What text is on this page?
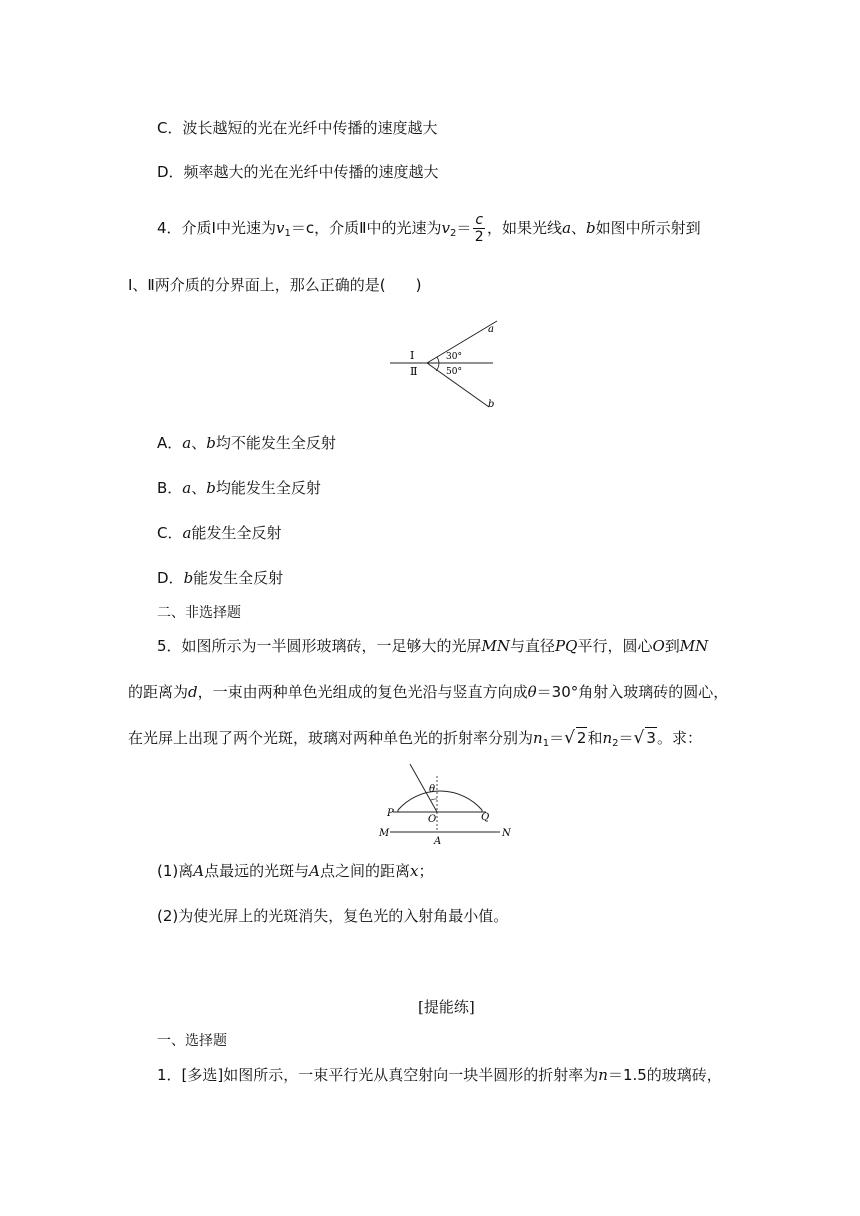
C．波长越短的光在光纤中传播的速度越大
D．频率越大的光在光纤中传播的速度越大
4．介质Ⅰ中光速为$v_1=c$，介质Ⅱ中的光速为$v_2= \frac{c}{2}$ ，如果光线a、b如图中所示射到
Ⅰ、Ⅱ两介质的分界面上，那么正确的是(　　)
Ⅰ
Ⅱ
30°
50°
a
b
A．a、b均不能发生全反射
B．a、b均能发生全反射
C．a能发生全反射
D．b能发生全反射
二、非选择题
5．如图所示为一半圆形玻璃砖，一足够大的光屏MN与直径PQ平行，圆心O到MN
的距离为d，一束由两种单色光组成的复色光沿与竖直方向成θ＝30°角射入玻璃砖的圆心，
在光屏上出现了两个光斑，玻璃对两种单色光的折射率分别为$n_1=√$ 2和$n_2=√$ 3。求：
θ
P	Q
O
M	N
A
(1)离A点最远的光斑与A点之间的距离x；
(2)为使光屏上的光斑消失，复色光的入射角最小值。
[提能练]
一、选择题
1．[多选]如图所示，一束平行光从真空射向一块半圆形的折射率为n＝1.5的玻璃砖，
